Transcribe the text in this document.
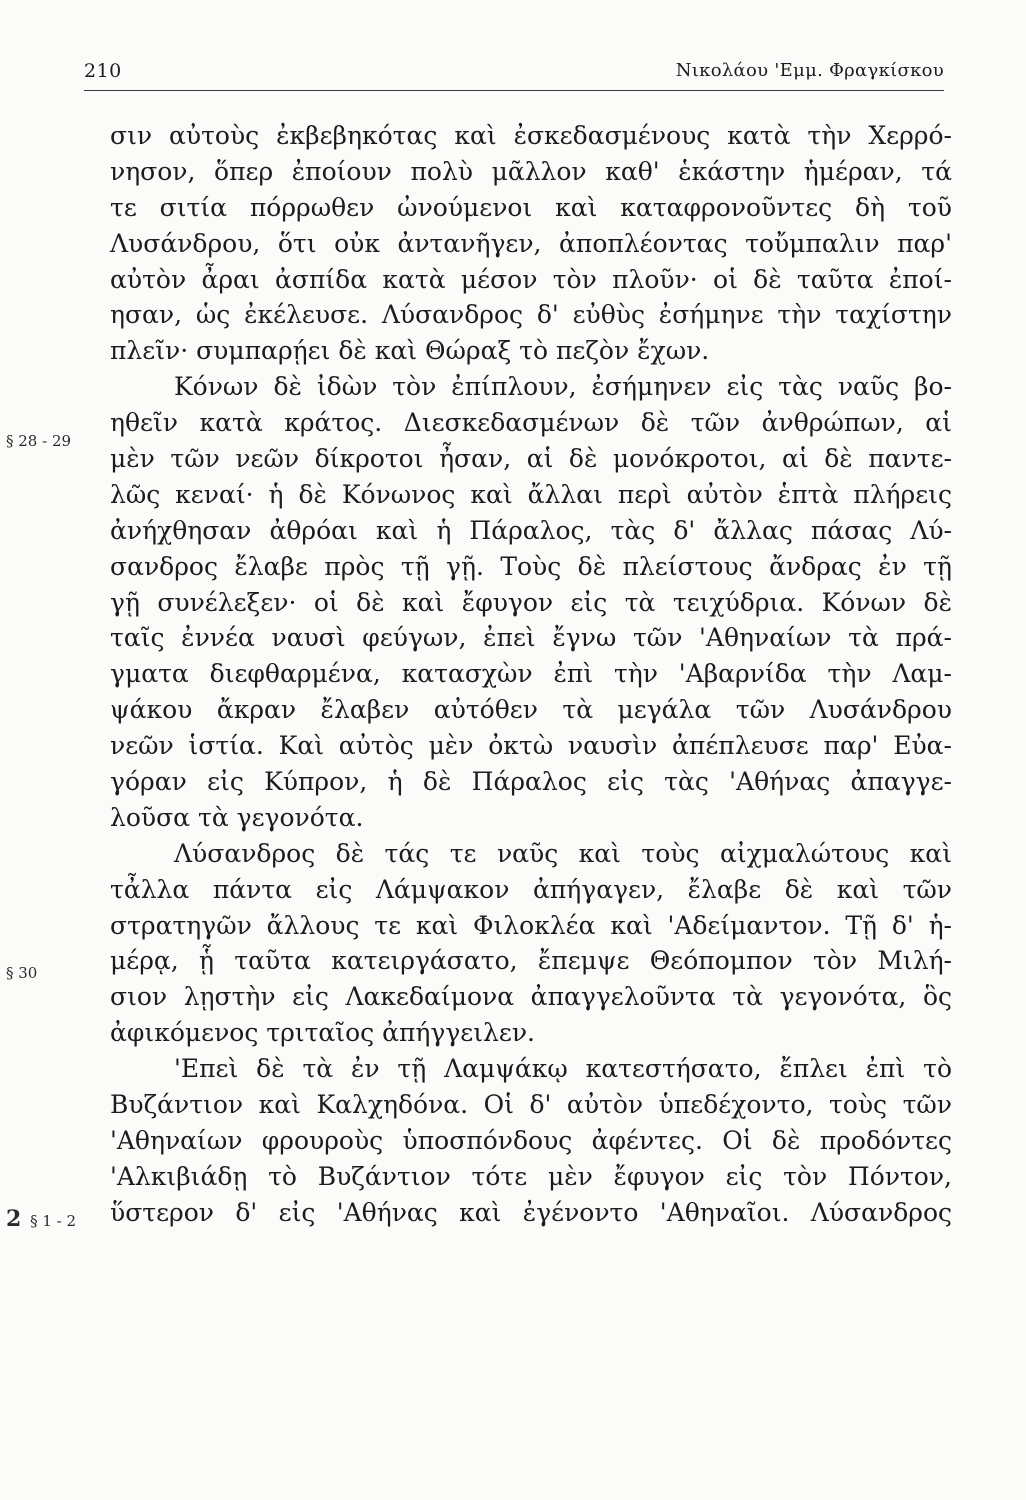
210	Νικολάου 'Εμμ. Φραγκίσκου
§ 28 - 29
§ 30
2 § 1 - 2
σιν αὐτοὺς ἐκβεβηκότας καὶ ἐσκεδασμένους κατὰ τὴν Χερρό-
νησον, ὅπερ ἐποίουν πολὺ μᾶλλον καθ' ἑκάστην ἡμέραν, τά
τε σιτία πόρρωθεν ὠνούμενοι καὶ καταφρονοῦντες δὴ τοῦ
Λυσάνδρου, ὅτι οὐκ ἀντανῆγεν, ἀποπλέοντας τοὔμπαλιν παρ'
αὐτὸν ἆραι ἀσπίδα κατὰ μέσον τὸν πλοῦν· οἱ δὲ ταῦτα ἐποί-
ησαν, ὡς ἐκέλευσε. Λύσανδρος δ' εὐθὺς ἐσήμηνε τὴν ταχίστην
πλεῖν· συμπαρῄει δὲ καὶ Θώραξ τὸ πεζὸν ἔχων.
Κόνων δὲ ἰδὼν τὸν ἐπίπλουν, ἐσήμηνεν εἰς τὰς ναῦς βο-
ηθεῖν κατὰ κράτος. Διεσκεδασμένων δὲ τῶν ἀνθρώπων, αἱ
μὲν τῶν νεῶν δίκροτοι ἦσαν, αἱ δὲ μονόκροτοι, αἱ δὲ παντε-
λῶς κεναί· ἡ δὲ Κόνωνος καὶ ἄλλαι περὶ αὐτὸν ἑπτὰ πλήρεις
ἀνήχθησαν ἀθρόαι καὶ ἡ Πάραλος, τὰς δ' ἄλλας πάσας Λύ-
σανδρος ἔλαβε πρὸς τῇ γῇ. Τοὺς δὲ πλείστους ἄνδρας ἐν τῇ
γῇ συνέλεξεν· οἱ δὲ καὶ ἔφυγον εἰς τὰ τειχύδρια. Κόνων δὲ
ταῖς ἐννέα ναυσὶ φεύγων, ἐπεὶ ἔγνω τῶν 'Αθηναίων τὰ πρά-
γματα διεφθαρμένα, κατασχὼν ἐπὶ τὴν 'Αβαρνίδα τὴν Λαμ-
ψάκου ἄκραν ἔλαβεν αὐτόθεν τὰ μεγάλα τῶν Λυσάνδρου
νεῶν ἱστία. Καὶ αὐτὸς μὲν ὀκτὼ ναυσὶν ἀπέπλευσε παρ' Εὐα-
γόραν εἰς Κύπρον, ἡ δὲ Πάραλος εἰς τὰς 'Αθήνας ἀπαγγε-
λοῦσα τὰ γεγονότα.
Λύσανδρος δὲ τάς τε ναῦς καὶ τοὺς αἰχμαλώτους καὶ
τἆλλα πάντα εἰς Λάμψακον ἀπήγαγεν, ἔλαβε δὲ καὶ τῶν
στρατηγῶν ἄλλους τε καὶ Φιλοκλέα καὶ 'Αδείμαντον. Τῇ δ' ἡ-
μέρᾳ, ᾗ ταῦτα κατειργάσατο, ἔπεμψε Θεόπομπον τὸν Μιλή-
σιον λῃστὴν εἰς Λακεδαίμονα ἀπαγγελοῦντα τὰ γεγονότα, ὃς
ἀφικόμενος τριταῖος ἀπήγγειλεν.
'Επεὶ δὲ τὰ ἐν τῇ Λαμψάκῳ κατεστήσατο, ἔπλει ἐπὶ τὸ
Βυζάντιον καὶ Καλχηδόνα. Οἱ δ' αὐτὸν ὑπεδέχοντο, τοὺς τῶν
'Αθηναίων φρουροὺς ὑποσπόνδους ἀφέντες. Οἱ δὲ προδόντες
'Αλκιβιάδῃ τὸ Βυζάντιον τότε μὲν ἔφυγον εἰς τὸν Πόντον,
ὕστερον δ' εἰς 'Αθήνας καὶ ἐγένοντο 'Αθηναῖοι. Λύσανδρος
